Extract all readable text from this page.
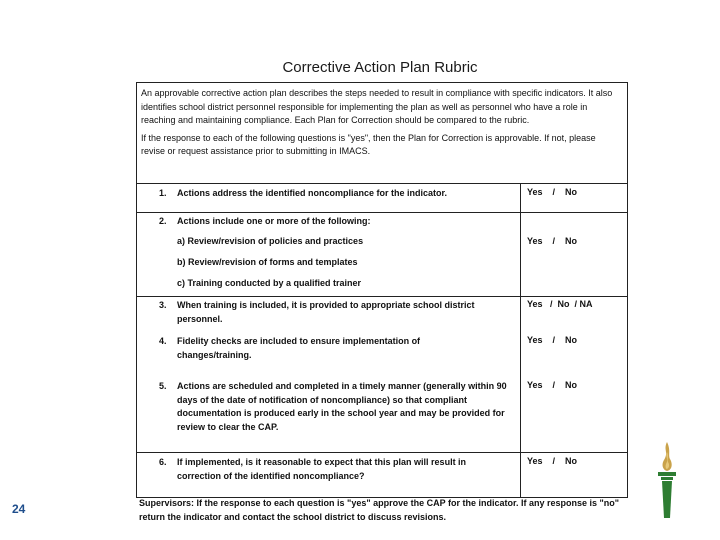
Corrective Action Plan Rubric

An approvable corrective action plan describes the steps needed to result in compliance with specific indicators. It also identifies school district personnel responsible for implementing the plan as well as personnel who have a role in reaching and maintaining compliance. Each Plan for Correction should be compared to the rubric.

If the response to each of the following questions is "yes", then the Plan for Correction is approvable. If not, please revise or request assistance prior to submitting in IMACS.

1. Actions address the identified noncompliance for the indicator.	Yes    /    No
2. Actions include one or more of the following:
a) Review/revision of policies and practices
b) Review/revision of forms and templates
c) Training conducted by a qualified trainer
Yes    /    No
3. When training is included, it is provided to appropriate school district personnel.
Yes   /  No  / NA
4. Fidelity checks are included to ensure implementation of changes/training.
Yes    /    No
5. Actions are scheduled and completed in a timely manner (generally within 90 days of the date of notification of noncompliance) so that compliant documentation is produced early in the school year and may be provided for review to clear the CAP.
Yes    /    No
6. If implemented, is it reasonable to expect that this plan will result in correction of the identified noncompliance?
Yes    /    No
Supervisors: If the response to each question is "yes" approve the CAP for the indicator. If any response is "no" return the indicator and contact the school district to discuss revisions.
24
